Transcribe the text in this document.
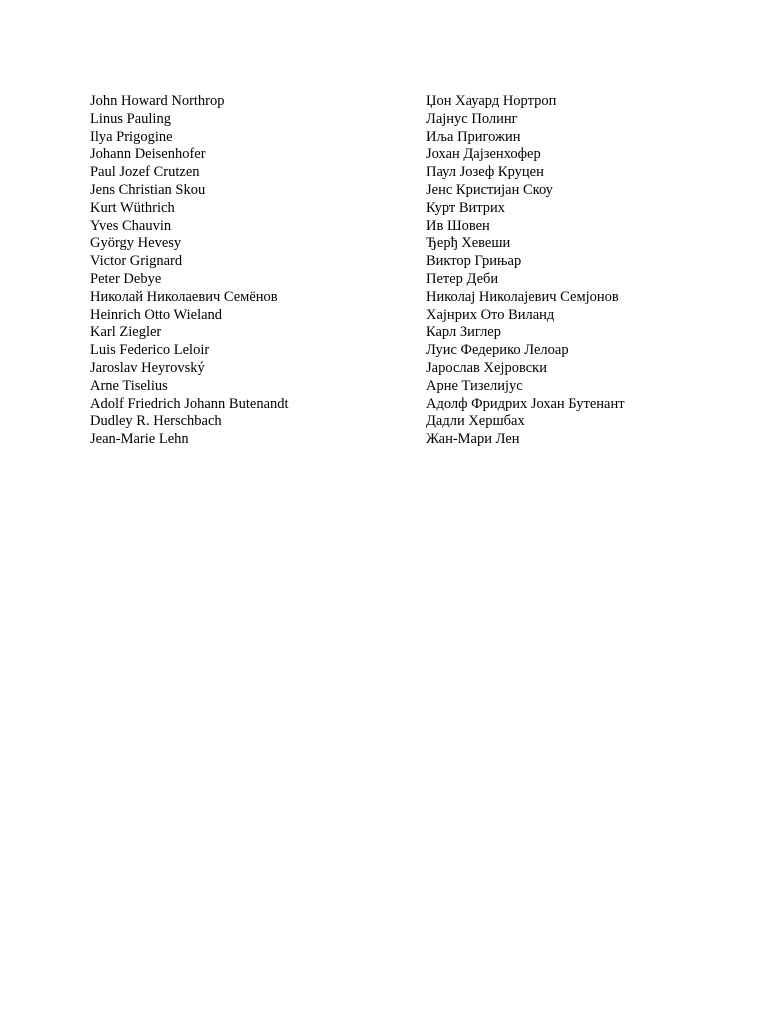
John Howard Northrop	Џон Хауард Нортроп
Linus Pauling	Лајнус Полинг
Ilya Prigogine	Иља Пригожин
Johann Deisenhofer	Јохан Дајзенхофер
Paul Jozef Crutzen	Паул Јозеф Круцен
Jens Christian Skou	Јенс Кристијан Скоу
Kurt Wüthrich	Курт Витрих
Yves Chauvin	Ив Шовен
György Hevesy	Ђерђ Хевеши
Victor Grignard	Виктор Грињар
Peter Debye	Петер Деби
Николай Николаевич Семёнов	Николај Николајевич Семјонов
Heinrich Otto Wieland	Хајнрих Ото Виланд
Karl Ziegler	Карл Зиглер
Luis Federico Leloir	Луис Федерико Лелоар
Jaroslav Heyrovský	Јарослав Хејровски
Arne Tiselius	Арне Тизелијус
Adolf Friedrich Johann Butenandt	Адолф Фридрих Јохан Бутенант
Dudley R. Herschbach	Дадли Хершбах
Jean-Marie Lehn	Жан-Мари Лен
